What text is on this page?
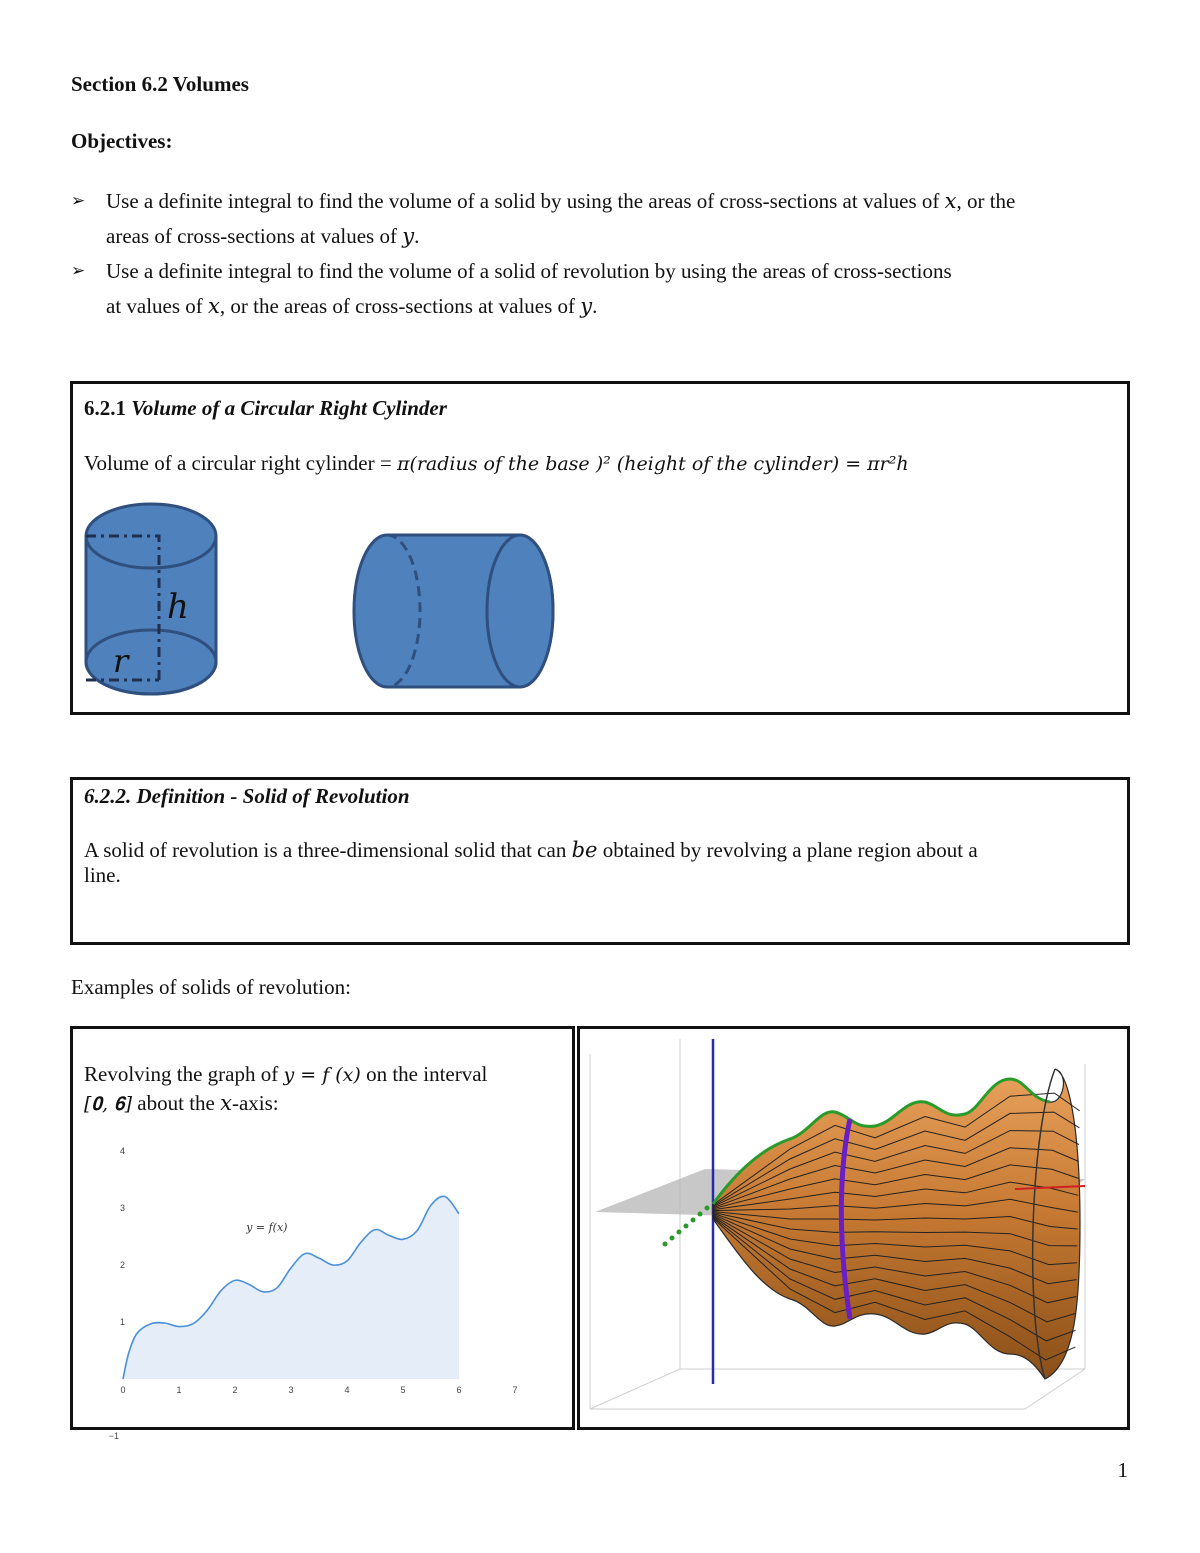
Section 6.2 Volumes
Objectives:
➢ Use a definite integral to find the volume of a solid by using the areas of cross-sections at values of 𝑥, or the
areas of cross-sections at values of 𝑦.
➢ Use a definite integral to find the volume of a solid of revolution by using the areas of cross-sections
at values of 𝑥, or the areas of cross-sections at values of 𝑦.
6.2.1 Volume of a Circular Right Cylinder
Volume of a circular right cylinder = 𝜋(𝑟𝑎𝑑𝑖𝑢𝑠 𝑜𝑓 𝑡ℎ𝑒 𝑏𝑎𝑠𝑒 )² (ℎ𝑒𝑖𝑔ℎ𝑡 𝑜𝑓 𝑡ℎ𝑒 𝑐𝑦𝑙𝑖𝑛𝑑𝑒𝑟) = 𝜋𝑟²ℎ
ℎ
𝑟
6.2.2. Definition - Solid of Revolution
A solid of revolution is a three-dimensional solid that can 𝑏𝑒 obtained by revolving a plane region about a
line.
Examples of solids of revolution:
Revolving the graph of 𝑦 = 𝑓 (𝑥) on the interval
[𝟎, 𝟔] about the 𝑥-axis:
0	1	2	3	4	5	6	7
−1
1
2
3
4
𝑦 = 𝑓(𝑥)
1
